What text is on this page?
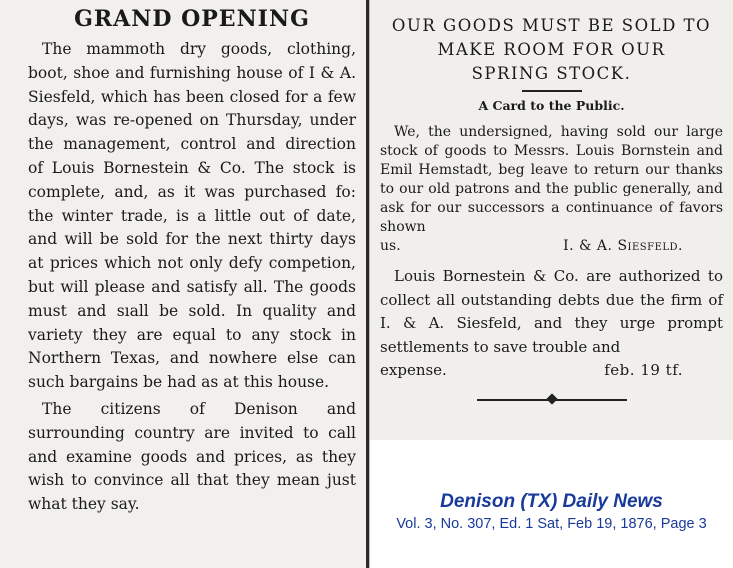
GRAND OPENING

The mammoth dry goods, clothing, boot, shoe and furnishing house of I & A. Siesfeld, which has been closed for a few days, was re-opened on Thursday, under the management, control and direction of Louis Bornestein & Co. The stock is complete, and, as it was purchased fo: the winter trade, is a little out of date, and will be sold for the next thirty days at prices which not only defy competion, but will please and satisfy all. The goods must and sıall be sold. In quality and variety they are equal to any stock in Northern Texas, and nowhere else can such bargains be had as at this house.

The citizens of Denison and surrounding country are invited to call and examine goods and prices, as they wish to convince all that they mean just what they say.

OUR GOODS MUST BE SOLD TO
MAKE ROOM FOR OUR
SPRING STOCK.
A Card to the Public.

We, the undersigned, having sold our large stock of goods to Messrs. Louis Bornstein and Emil Hemstadt, beg leave to return our thanks to our old patrons and the public generally, and ask for our successors a continuance of favors shown

us.	I. & A. Siesfeld.

Louis Bornestein & Co. are authorized to collect all outstanding debts due the firm of I. & A. Siesfeld, and they urge prompt settlements to save trouble and

expense.	feb. 19 tf.
Denison (TX) Daily News
Vol. 3, No. 307, Ed. 1 Sat, Feb 19, 1876, Page 3
